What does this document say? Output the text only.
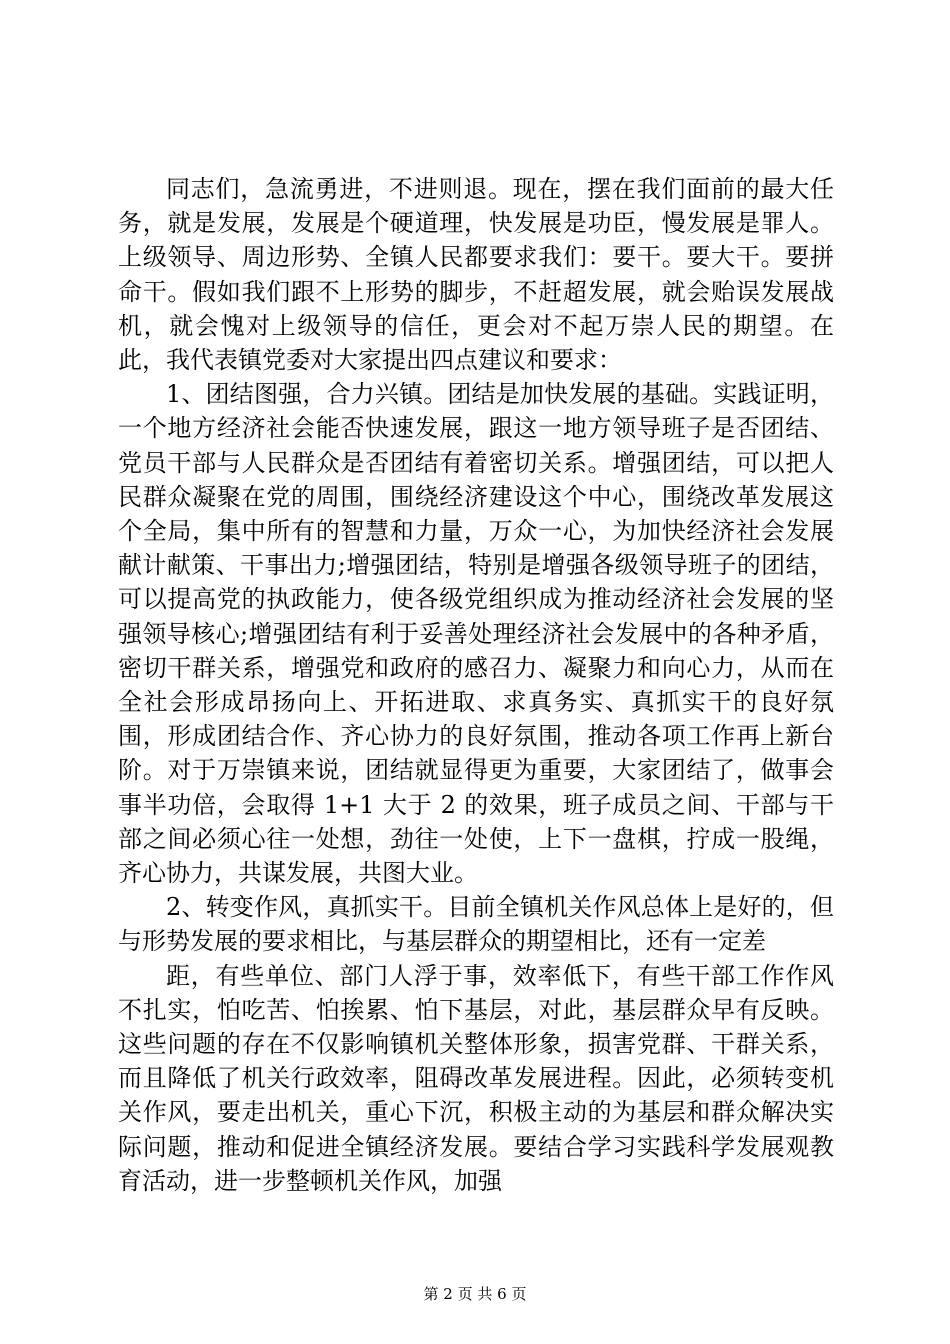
同志们，急流勇进，不进则退。现在，摆在我们面前的最大任务，就是发展，发展是个硬道理，快发展是功臣，慢发展是罪人。上级领导、周边形势、全镇人民都要求我们：要干。要大干。要拼命干。假如我们跟不上形势的脚步，不赶超发展，就会贻误发展战机，就会愧对上级领导的信任，更会对不起万崇人民的期望。在此，我代表镇党委对大家提出四点建议和要求：

1、团结图强，合力兴镇。团结是加快发展的基础。实践证明，一个地方经济社会能否快速发展，跟这一地方领导班子是否团结、党员干部与人民群众是否团结有着密切关系。增强团结，可以把人民群众凝聚在党的周围，围绕经济建设这个中心，围绕改革发展这个全局，集中所有的智慧和力量，万众一心，为加快经济社会发展献计献策、干事出力;增强团结，特别是增强各级领导班子的团结，可以提高党的执政能力，使各级党组织成为推动经济社会发展的坚强领导核心;增强团结有利于妥善处理经济社会发展中的各种矛盾，密切干群关系，增强党和政府的感召力、凝聚力和向心力，从而在全社会形成昂扬向上、开拓进取、求真务实、真抓实干的良好氛围，形成团结合作、齐心协力的良好氛围，推动各项工作再上新台阶。对于万崇镇来说，团结就显得更为重要，大家团结了，做事会事半功倍，会取得 1+1 大于 2 的效果，班子成员之间、干部与干部之间必须心往一处想，劲往一处使，上下一盘棋，拧成一股绳，齐心协力，共谋发展，共图大业。

2、转变作风，真抓实干。目前全镇机关作风总体上是好的，但与形势发展的要求相比，与基层群众的期望相比，还有一定差

距，有些单位、部门人浮于事，效率低下，有些干部工作作风不扎实，怕吃苦、怕挨累、怕下基层，对此，基层群众早有反映。这些问题的存在不仅影响镇机关整体形象，损害党群、干群关系，而且降低了机关行政效率，阻碍改革发展进程。因此，必须转变机关作风，要走出机关，重心下沉，积极主动的为基层和群众解决实际问题，推动和促进全镇经济发展。要结合学习实践科学发展观教育活动，进一步整顿机关作风，加强

第 2 页 共 6 页
